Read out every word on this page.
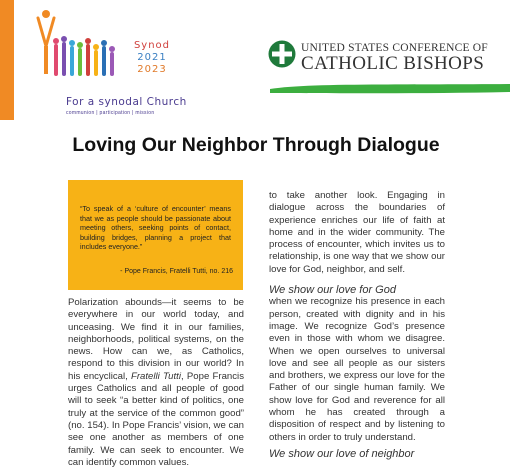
Synod
2021
2023
For a synodal Church
communion | participation | mission
UNITED STATES CONFERENCE OF
CATHOLIC BISHOPS
Loving Our Neighbor Through Dialogue

“To speak of a ‘culture of encounter’ means that we as people should be passionate about meeting others, seeking points of contact, building bridges, planning a project that includes everyone.”

- Pope Francis, Fratelli Tutti, no. 216

Polarization abounds—it seems to be everywhere in our world today, and unceasing. We find it in our families, neighborhoods, political systems, on the news. How can we, as Catholics, respond to this division in our world? In his encyclical, Fratelli Tutti, Pope Francis urges Catholics and all people of good will to seek “a better kind of politics, one truly at the service of the common good” (no. 154). In Pope Francis’ vision, we can see one another as members of one family. We can seek to encounter. We can identify common values.

to take another look. Engaging in dialogue across the boundaries of experience enriches our life of faith at home and in the wider community. The process of encounter, which invites us to relationship, is one way that we show our love for God, neighbor, and self.

We show our love for God

when we recognize his presence in each person, created with dignity and in his image. We recognize God’s presence even in those with whom we disagree. When we open ourselves to universal love and see all people as our sisters and brothers, we express our love for the Father of our single human family. We show love for God and reverence for all whom he has created through a disposition of respect and by listening to others in order to truly understand.

We show our love of neighbor
